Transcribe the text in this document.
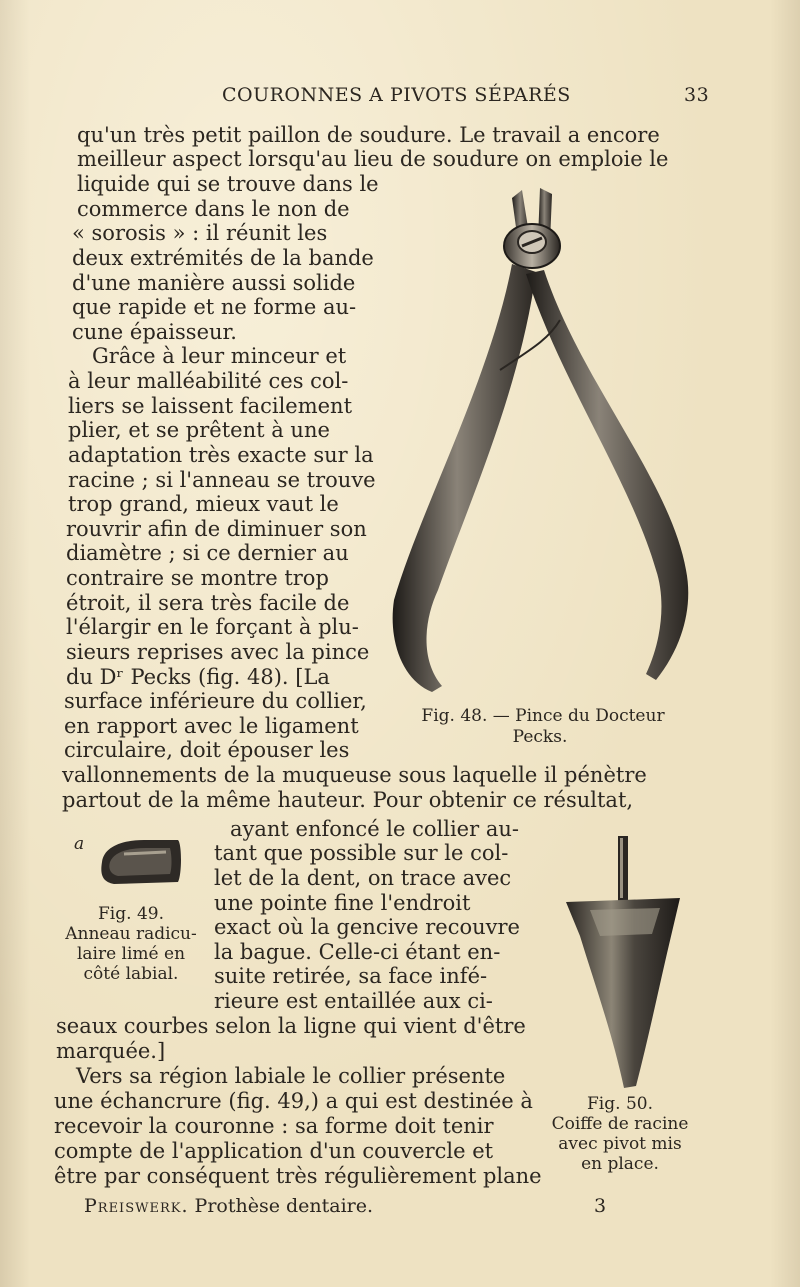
COURONNES A PIVOTS SÉPARÉS	33
qu'un très petit paillon de soudure. Le travail a encore
meilleur aspect lorsqu'au lieu de soudure on emploie le
liquide qui se trouve dans le
commerce dans le non de
« sorosis » : il réunit les
deux extrémités de la bande
d'une manière aussi solide
que rapide et ne forme au-
cune épaisseur.
Grâce à leur minceur et
à leur malléabilité ces col-
liers se laissent facilement
plier, et se prêtent à une
adaptation très exacte sur la
racine ; si l'anneau se trouve
trop grand, mieux vaut le
rouvrir afin de diminuer son
diamètre ; si ce dernier au
contraire se montre trop
étroit, il sera très facile de
l'élargir en le forçant à plu-
sieurs reprises avec la pince
du Dʳ Pecks (fig. 48). [La
surface inférieure du collier,
en rapport avec le ligament
circulaire, doit épouser les
Fig. 48. — Pince du Docteur
Pecks.
vallonnements de la muqueuse sous laquelle il pénètre
partout de la même hauteur. Pour obtenir ce résultat,
a
Fig. 49.
Anneau radicu-
laire limé en
côté labial.
ayant enfoncé le collier au-
tant que possible sur le col-
let de la dent, on trace avec
une pointe fine l'endroit
exact où la gencive recouvre
la bague. Celle-ci étant en-
suite retirée, sa face infé-
rieure est entaillée aux ci-
Fig. 50.
Coiffe de racine
avec pivot mis
en place.
seaux courbes selon la ligne qui vient d'être
marquée.]
Vers sa région labiale le collier présente
une échancrure (fig. 49,) a qui est destinée à
recevoir la couronne : sa forme doit tenir
compte de l'application d'un couvercle et
être par conséquent très régulièrement plane
Preiswerk. Prothèse dentaire.	3
